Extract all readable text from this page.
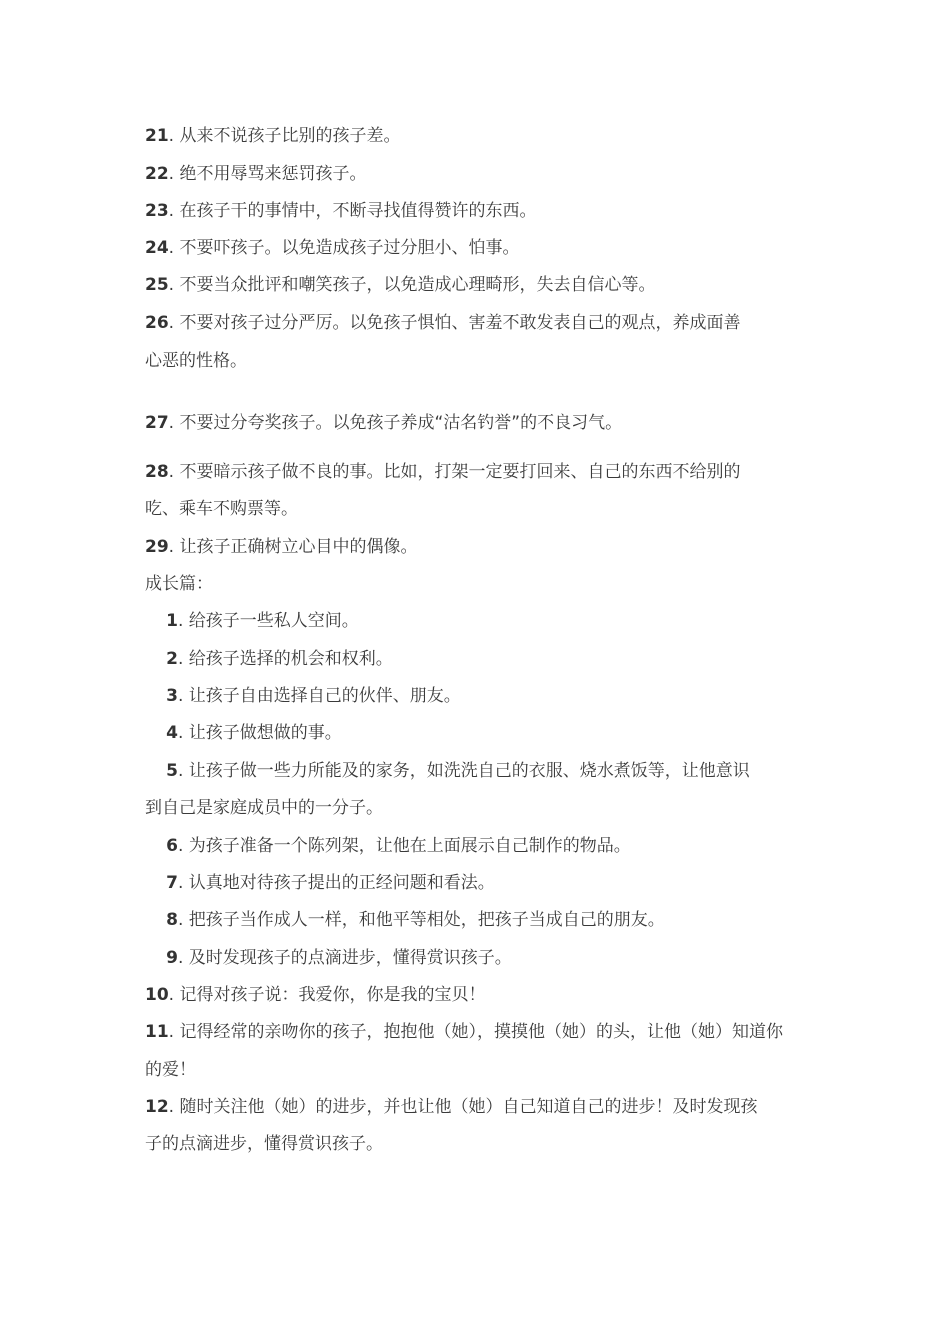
21. 从来不说孩子比别的孩子差。
22. 绝不用辱骂来惩罚孩子。
23. 在孩子干的事情中，不断寻找值得赞许的东西。
24. 不要吓孩子。以免造成孩子过分胆小、怕事。
25. 不要当众批评和嘲笑孩子，以免造成心理畸形，失去自信心等。
26. 不要对孩子过分严厉。以免孩子惧怕、害羞不敢发表自己的观点，养成面善
心恶的性格。
27. 不要过分夸奖孩子。以免孩子养成“沽名钓誉”的不良习气。
28. 不要暗示孩子做不良的事。比如，打架一定要打回来、自己的东西不给别的
吃、乘车不购票等。
29. 让孩子正确树立心目中的偶像。
成长篇：
1. 给孩子一些私人空间。
2. 给孩子选择的机会和权利。
3. 让孩子自由选择自己的伙伴、朋友。
4. 让孩子做想做的事。
5. 让孩子做一些力所能及的家务，如洗洗自己的衣服、烧水煮饭等，让他意识
到自己是家庭成员中的一分子。
6. 为孩子准备一个陈列架，让他在上面展示自己制作的物品。
7. 认真地对待孩子提出的正经问题和看法。
8. 把孩子当作成人一样，和他平等相处，把孩子当成自己的朋友。
9. 及时发现孩子的点滴进步，懂得赏识孩子。
10. 记得对孩子说：我爱你，你是我的宝贝！
11. 记得经常的亲吻你的孩子，抱抱他（她），摸摸他（她）的头，让他（她）知道你
的爱！
12. 随时关注他（她）的进步，并也让他（她）自己知道自己的进步！及时发现孩
子的点滴进步，懂得赏识孩子。
